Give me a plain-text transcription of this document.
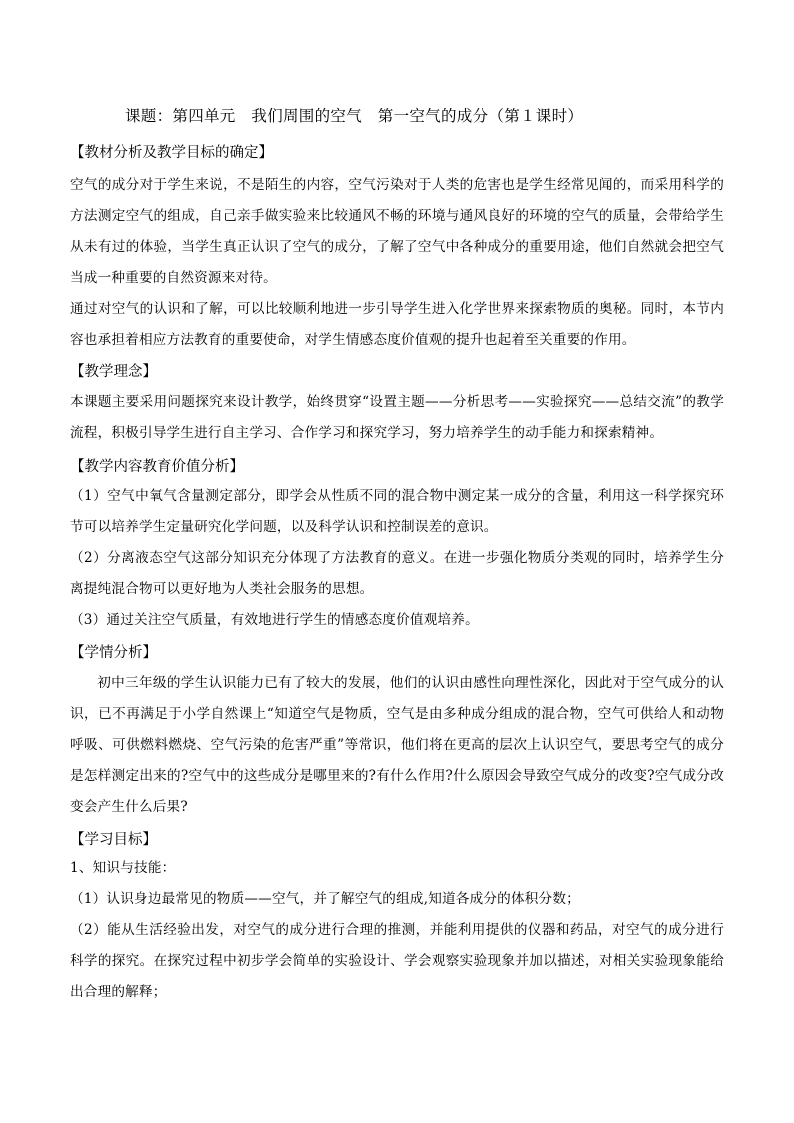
课题：第四单元　我们周围的空气　第一空气的成分（第１课时）

【教材分析及教学目标的确定】

空气的成分对于学生来说，不是陌生的内容，空气污染对于人类的危害也是学生经常见闻的，而采用科学的方法测定空气的组成，自己亲手做实验来比较通风不畅的环境与通风良好的环境的空气的质量，会带给学生从未有过的体验，当学生真正认识了空气的成分，了解了空气中各种成分的重要用途，他们自然就会把空气当成一种重要的自然资源来对待。

通过对空气的认识和了解，可以比较顺利地进一步引导学生进入化学世界来探索物质的奥秘。同时，本节内容也承担着相应方法教育的重要使命，对学生情感态度价值观的提升也起着至关重要的作用。

【教学理念】

本课题主要采用问题探究来设计教学，始终贯穿“设置主题——分析思考——实验探究——总结交流”的教学流程，积极引导学生进行自主学习、合作学习和探究学习，努力培养学生的动手能力和探索精神。

【教学内容教育价值分析】

（1）空气中氧气含量测定部分，即学会从性质不同的混合物中测定某一成分的含量，利用这一科学探究环节可以培养学生定量研究化学问题，以及科学认识和控制误差的意识。

（2）分离液态空气这部分知识充分体现了方法教育的意义。在进一步强化物质分类观的同时，培养学生分离提纯混合物可以更好地为人类社会服务的思想。

（3）通过关注空气质量，有效地进行学生的情感态度价值观培养。

【学情分析】

初中三年级的学生认识能力已有了较大的发展，他们的认识由感性向理性深化，因此对于空气成分的认识，已不再满足于小学自然课上“知道空气是物质，空气是由多种成分组成的混合物，空气可供给人和动物呼吸、可供燃料燃烧、空气污染的危害严重”等常识，他们将在更高的层次上认识空气，要思考空气的成分是怎样测定出来的?空气中的这些成分是哪里来的?有什么作用?什么原因会导致空气成分的改变?空气成分改变会产生什么后果?

【学习目标】

1、知识与技能：

（1）认识身边最常见的物质——空气，并了解空气的组成,知道各成分的体积分数；

（2）能从生活经验出发，对空气的成分进行合理的推测，并能利用提供的仪器和药品，对空气的成分进行科学的探究。在探究过程中初步学会简单的实验设计、学会观察实验现象并加以描述，对相关实验现象能给出合理的解释；
